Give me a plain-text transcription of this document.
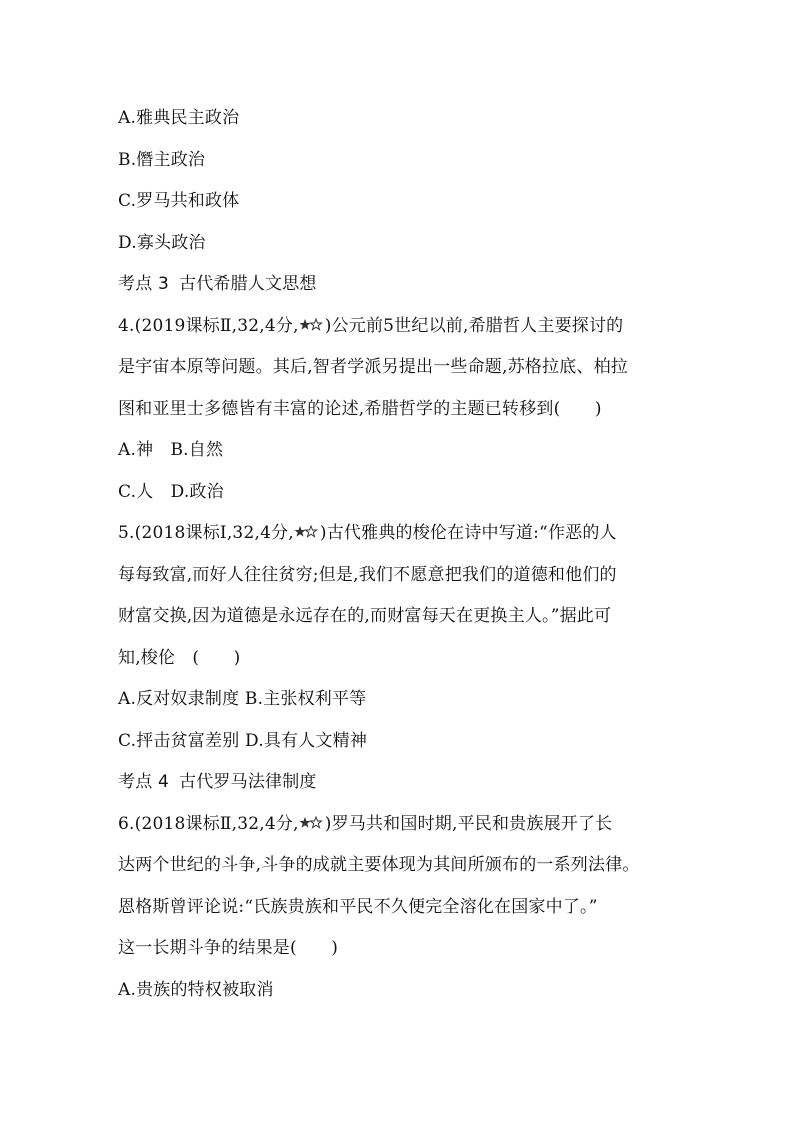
A.雅典民主政治
B.僭主政治
C.罗马共和政体
D.寡头政治
考点 3 古代希腊人文思想
4.(2019课标Ⅱ,32,4分, )公元前5世纪以前,希腊哲人主要探讨的
是宇宙本原等问题。其后,智者学派另提出一些命题,苏格拉底、柏拉
图和亚里士多德皆有丰富的论述,希腊哲学的主题已转移到(　　)
A.神　B.自然
C.人　D.政治
5.(2018课标Ⅰ,32,4分, )古代雅典的梭伦在诗中写道:“作恶的人
每每致富,而好人往往贫穷;但是,我们不愿意把我们的道德和他们的
财富交换,因为道德是永远存在的,而财富每天在更换主人。”据此可
知,梭伦　(　　)
A.反对奴隶制度 B.主张权利平等
C.抨击贫富差别 D.具有人文精神
考点 4 古代罗马法律制度
6.(2018课标Ⅱ,32,4分, )罗马共和国时期,平民和贵族展开了长
达两个世纪的斗争,斗争的成就主要体现为其间所颁布的一系列法律。
恩格斯曾评论说:“氏族贵族和平民不久便完全溶化在国家中了。”
这一长期斗争的结果是(　　)
A.贵族的特权被取消
